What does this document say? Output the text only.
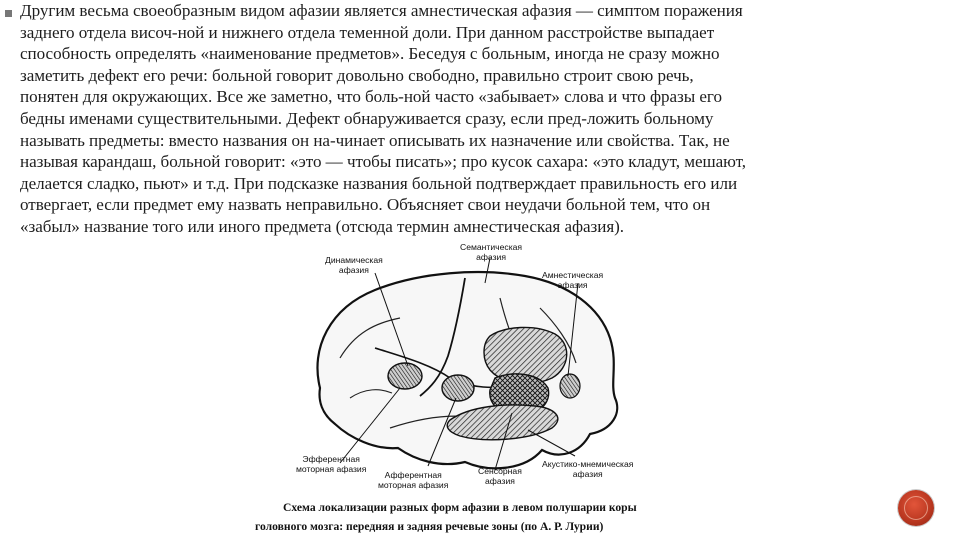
Другим весьма своеобразным видом афазии является амнестическая афазия — симптом поражения
заднего отдела височ-ной и нижнего отдела теменной доли. При данном расстройстве выпадает
способность определять «наименование предметов». Беседуя с больным, иногда не сразу можно
заметить дефект его речи: больной говорит довольно свободно, правильно строит свою речь,
понятен для окружающих. Все же заметно, что боль-ной часто «забывает» слова и что фразы его
бедны именами существительными. Дефект обнаруживается сразу, если пред-ложить больному
называть предметы: вместо названия он на-чинает описывать их назначение или свойства. Так, не
называя карандаш, больной говорит: «это — чтобы писать»; про кусок сахара: «это кладут, мешают,
делается сладко, пьют» и т.д. При подсказке названия больной подтверждает правильность его или
отвергает, если предмет ему назвать неправильно. Объясняет свои неудачи больной тем, что он
«забыл» название того или иного предмета (отсюда термин амнестическая афазия).

Динамическая
афазия
Семантическая
афазия
Амнестическая
афазия
Эфферентная
моторная афазия
Афферентная
моторная афазия
Сенсорная
афазия
Акустико-мнемическая
афазия
Схема локализации разных форм афазии в левом полушарии коры
головного мозга: передняя и задняя речевые зоны (по А. Р. Лурии)
